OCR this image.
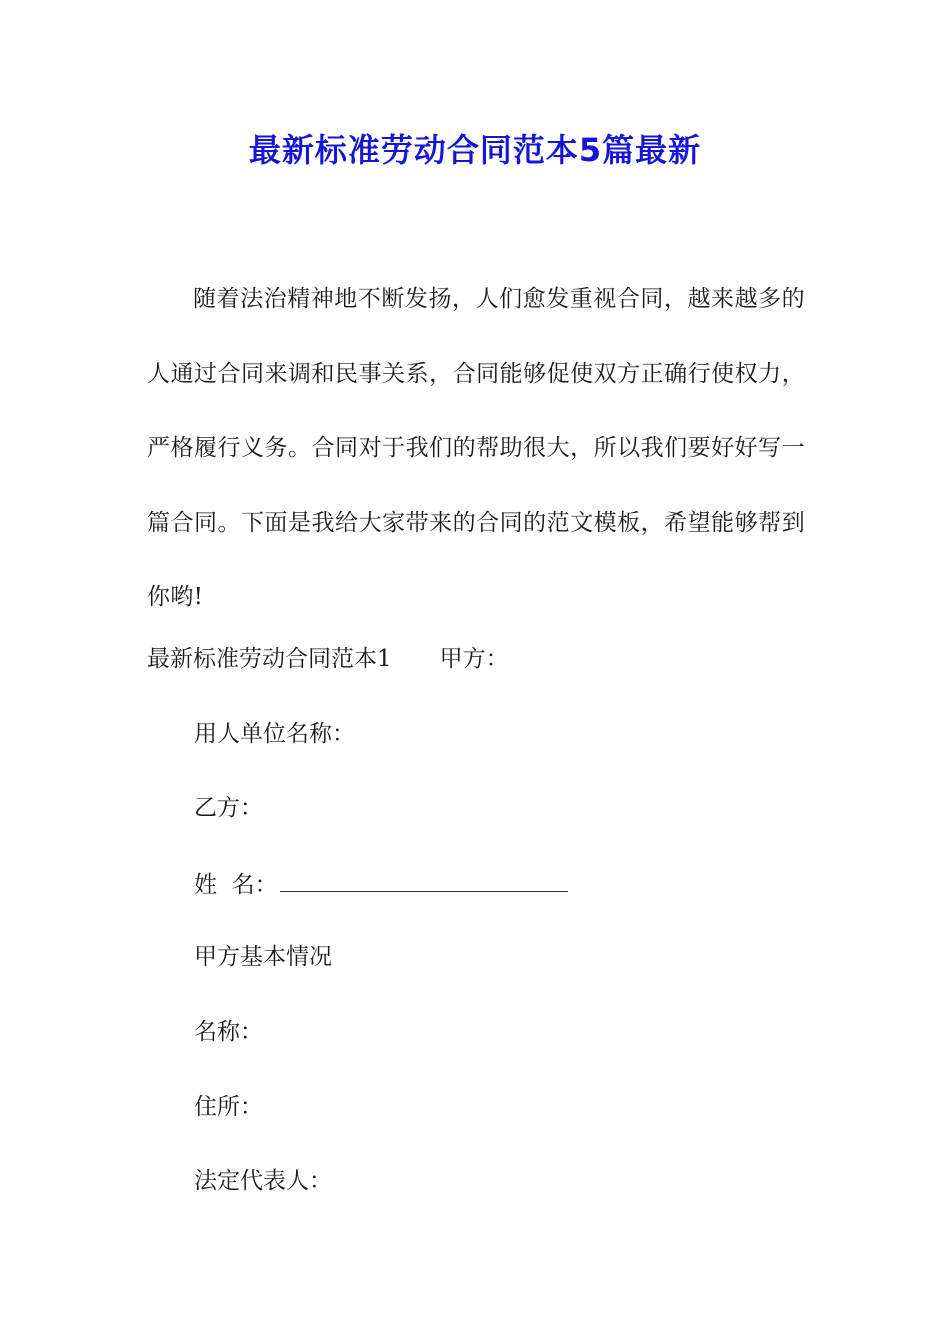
最新标准劳动合同范本5篇最新

随着法治精神地不断发扬，人们愈发重视合同，越来越多的人通过合同来调和民事关系，合同能够促使双方正确行使权力，严格履行义务。合同对于我们的帮助很大，所以我们要好好写一篇合同。下面是我给大家带来的合同的范文模板，希望能够帮到你哟!

最新标准劳动合同范本1 甲方：
用人单位名称：
乙方：
姓  名：
甲方基本情况
名称：
住所：
法定代表人：
